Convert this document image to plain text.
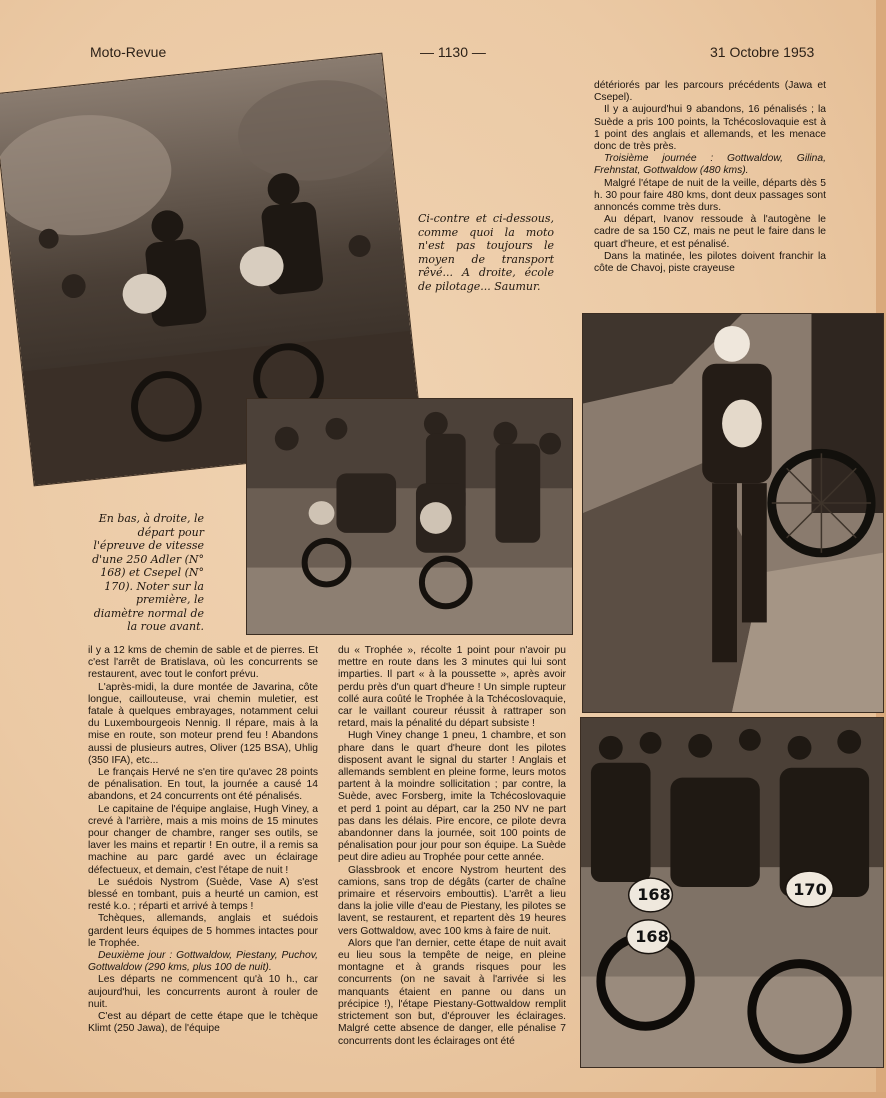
Moto-Revue	— 1130 —	31 Octobre 1953
168
168
170
Ci-contre et ci-dessous, comme quoi la moto n'est pas toujours le moyen de transport rêvé... A droite, école de pilotage... Saumur.
En bas, à droite, le départ pour l'épreuve de vitesse d'une 250 Adler (N° 168) et Csepel (N° 170). Noter sur la première, le diamètre normal de la roue avant.

détériorés par les parcours précédents (Jawa et Csepel).

Il y a aujourd'hui 9 abandons, 16 pénalisés ; la Suède a pris 100 points, la Tchécoslovaquie est à 1 point des anglais et allemands, et les menace donc de très près.

Troisième journée : Gottwaldow, Gilina, Frehnstat, Gottwaldow (480 kms).

Malgré l'étape de nuit de la veille, départs dès 5 h. 30 pour faire 480 kms, dont deux passages sont annoncés comme très durs.

Au départ, Ivanov ressoude à l'autogène le cadre de sa 150 CZ, mais ne peut le faire dans le quart d'heure, et est pénalisé.

Dans la matinée, les pilotes doivent franchir la côte de Chavoj, piste crayeuse

il y a 12 kms de chemin de sable et de pierres. Et c'est l'arrêt de Bratislava, où les concurrents se restaurent, avec tout le confort prévu.

L'après-midi, la dure montée de Javarina, côte longue, caillouteuse, vrai chemin muletier, est fatale à quelques embrayages, notamment celui du Luxembourgeois Nennig. Il répare, mais à la mise en route, son moteur prend feu ! Abandons aussi de plusieurs autres, Oliver (125 BSA), Uhlig (350 IFA), etc...

Le français Hervé ne s'en tire qu'avec 28 points de pénalisation. En tout, la journée a causé 14 abandons, et 24 concurrents ont été pénalisés.

Le capitaine de l'équipe anglaise, Hugh Viney, a crevé à l'arrière, mais a mis moins de 15 minutes pour changer de chambre, ranger ses outils, se laver les mains et repartir ! En outre, il a remis sa machine au parc gardé avec un éclairage défectueux, et demain, c'est l'étape de nuit !

Le suédois Nystrom (Suède, Vase A) s'est blessé en tombant, puis a heurté un camion, est resté k.o. ; réparti et arrivé à temps !

Tchèques, allemands, anglais et suédois gardent leurs équipes de 5 hommes intactes pour le Trophée.

Deuxième jour : Gottwaldow, Piestany, Puchov, Gottwaldow (290 kms, plus 100 de nuit).

Les départs ne commencent qu'à 10 h., car aujourd'hui, les concurrents auront à rouler de nuit.

C'est au départ de cette étape que le tchèque Klimt (250 Jawa), de l'équipe

du « Trophée », récolte 1 point pour n'avoir pu mettre en route dans les 3 minutes qui lui sont imparties. Il part « à la poussette », après avoir perdu près d'un quart d'heure ! Un simple rupteur collé aura coûté le Trophée à la Tchécoslovaquie, car le vaillant coureur réussit à rattraper son retard, mais la pénalité du départ subsiste !

Hugh Viney change 1 pneu, 1 chambre, et son phare dans le quart d'heure dont les pilotes disposent avant le signal du starter ! Anglais et allemands semblent en pleine forme, leurs motos partent à la moindre sollicitation ; par contre, la Suède, avec Forsberg, imite la Tchécoslovaquie et perd 1 point au départ, car la 250 NV ne part pas dans les délais. Pire encore, ce pilote devra abandonner dans la journée, soit 100 points de pénalisation pour jour pour son équipe. La Suède peut dire adieu au Trophée pour cette année.

Glassbrook et encore Nystrom heurtent des camions, sans trop de dégâts (carter de chaîne primaire et réservoirs embouttis). L'arrêt a lieu dans la jolie ville d'eau de Piestany, les pilotes se lavent, se restaurent, et repartent dès 19 heures vers Gottwaldow, avec 100 kms à faire de nuit.

Alors que l'an dernier, cette étape de nuit avait eu lieu sous la tempête de neige, en pleine montagne et à grands risques pour les concurrents (on ne savait à l'arrivée si les manquants étaient en panne ou dans un précipice !), l'étape Piestany-Gottwaldow remplit strictement son but, d'éprouver les éclairages. Malgré cette absence de danger, elle pénalise 7 concurrents dont les éclairages ont été
